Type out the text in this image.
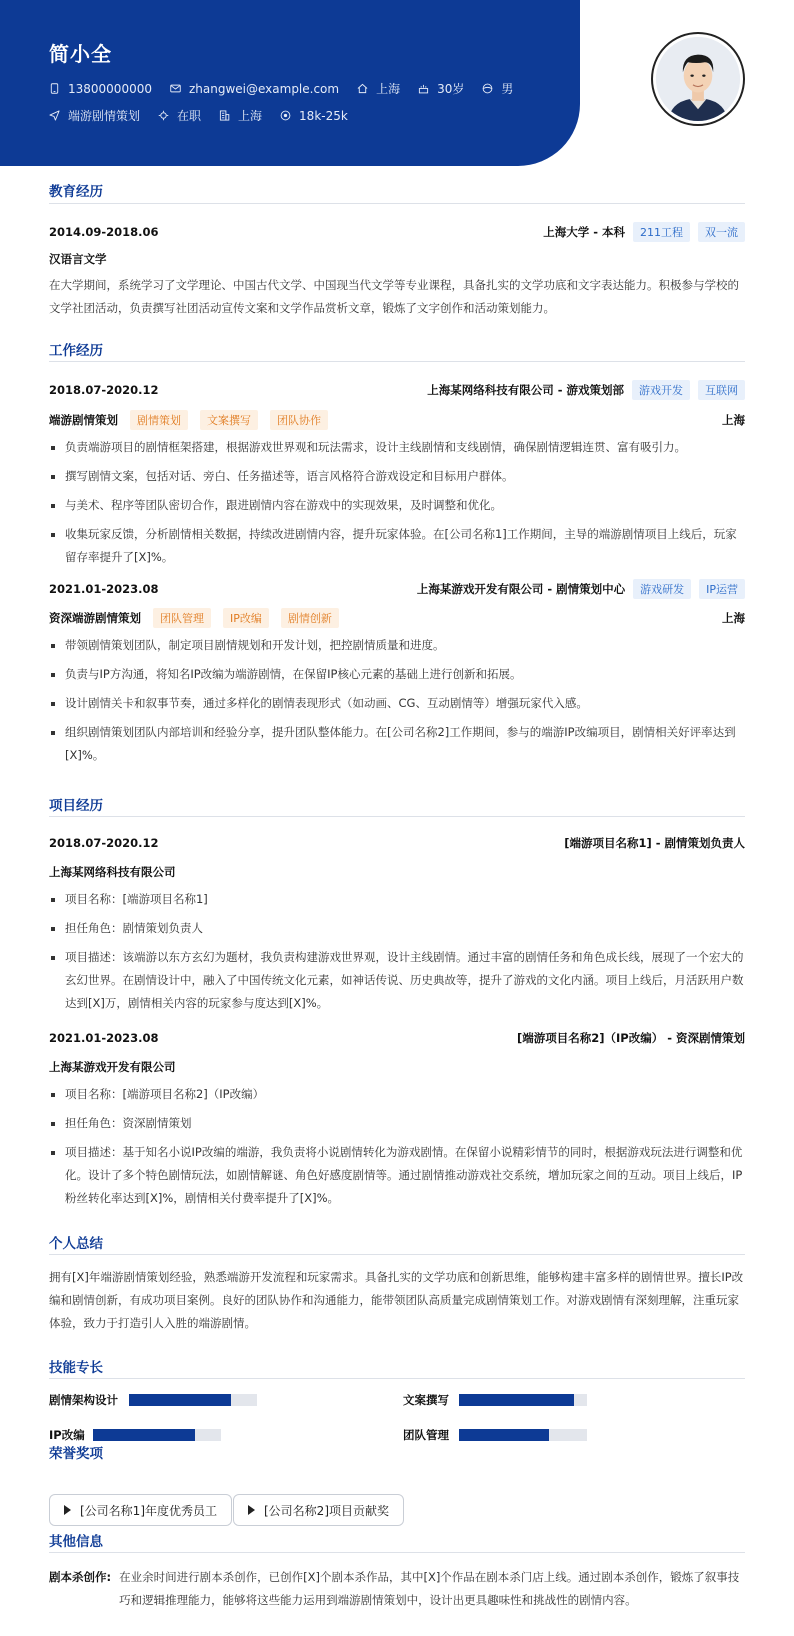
简小全
13800000000	zhangwei@example.com	上海	30岁	男
端游剧情策划	在职	上海	18k-25k
教育经历
2014.09-2018.06	上海大学 - 本科	211工程	双一流
汉语言文学
在大学期间，系统学习了文学理论、中国古代文学、中国现当代文学等专业课程，具备扎实的文学功底和文字表达能力。积极参与学校的文学社团活动，负责撰写社团活动宣传文案和文学作品赏析文章，锻炼了文字创作和活动策划能力。
工作经历
2018.07-2020.12	上海某网络科技有限公司 - 游戏策划部	游戏开发	互联网
端游剧情策划	剧情策划	文案撰写	团队协作	上海
负责端游项目的剧情框架搭建，根据游戏世界观和玩法需求，设计主线剧情和支线剧情，确保剧情逻辑连贯、富有吸引力。
撰写剧情文案，包括对话、旁白、任务描述等，语言风格符合游戏设定和目标用户群体。
与美术、程序等团队密切合作，跟进剧情内容在游戏中的实现效果，及时调整和优化。
收集玩家反馈，分析剧情相关数据，持续改进剧情内容，提升玩家体验。在[公司名称1]工作期间，主导的端游剧情项目上线后，玩家留存率提升了[X]%。
2021.01-2023.08	上海某游戏开发有限公司 - 剧情策划中心	游戏研发	IP运营
资深端游剧情策划	团队管理	IP改编	剧情创新	上海
带领剧情策划团队，制定项目剧情规划和开发计划，把控剧情质量和进度。
负责与IP方沟通，将知名IP改编为端游剧情，在保留IP核心元素的基础上进行创新和拓展。
设计剧情关卡和叙事节奏，通过多样化的剧情表现形式（如动画、CG、互动剧情等）增强玩家代入感。
组织剧情策划团队内部培训和经验分享，提升团队整体能力。在[公司名称2]工作期间，参与的端游IP改编项目，剧情相关好评率达到[X]%。
项目经历
2018.07-2020.12	[端游项目名称1] - 剧情策划负责人
上海某网络科技有限公司
项目名称：[端游项目名称1]
担任角色：剧情策划负责人
项目描述：该端游以东方玄幻为题材，我负责构建游戏世界观，设计主线剧情。通过丰富的剧情任务和角色成长线，展现了一个宏大的玄幻世界。在剧情设计中，融入了中国传统文化元素，如神话传说、历史典故等，提升了游戏的文化内涵。项目上线后，月活跃用户数达到[X]万，剧情相关内容的玩家参与度达到[X]%。
2021.01-2023.08	[端游项目名称2]（IP改编） - 资深剧情策划
上海某游戏开发有限公司
项目名称：[端游项目名称2]（IP改编）
担任角色：资深剧情策划
项目描述：基于知名小说IP改编的端游，我负责将小说剧情转化为游戏剧情。在保留小说精彩情节的同时，根据游戏玩法进行调整和优化。设计了多个特色剧情玩法，如剧情解谜、角色好感度剧情等。通过剧情推动游戏社交系统，增加玩家之间的互动。项目上线后，IP粉丝转化率达到[X]%，剧情相关付费率提升了[X]%。
个人总结
拥有[X]年端游剧情策划经验，熟悉端游开发流程和玩家需求。具备扎实的文学功底和创新思维，能够构建丰富多样的剧情世界。擅长IP改编和剧情创新，有成功项目案例。良好的团队协作和沟通能力，能带领团队高质量完成剧情策划工作。对游戏剧情有深刻理解，注重玩家体验，致力于打造引人入胜的端游剧情。
技能专长
剧情架构设计	文案撰写
IP改编	团队管理
荣誉奖项
[公司名称1]年度优秀员工	[公司名称2]项目贡献奖
其他信息
剧本杀创作: 在业余时间进行剧本杀创作，已创作[X]个剧本杀作品，其中[X]个作品在剧本杀门店上线。通过剧本杀创作，锻炼了叙事技巧和逻辑推理能力，能够将这些能力运用到端游剧情策划中，设计出更具趣味性和挑战性的剧情内容。
